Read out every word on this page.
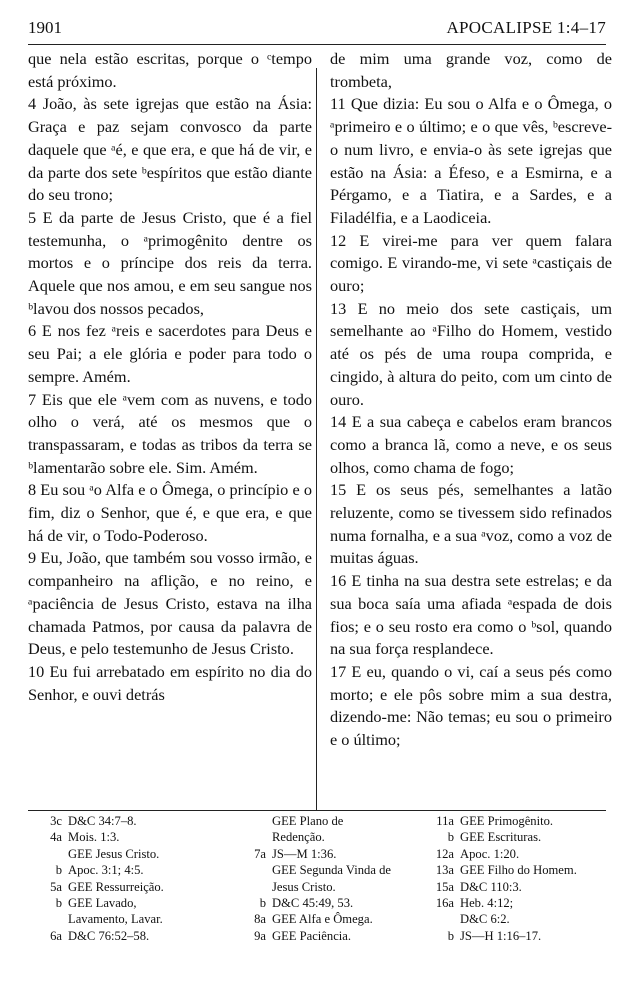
1901	APOCALIPSE 1:4–17

que nela estão escritas, porque o ᶜtempo está próximo.

4 João, às sete igrejas que estão na Ásia: Graça e paz sejam convosco da parte daquele que ᵃé, e que era, e que há de vir, e da parte dos sete ᵇespíritos que estão diante do seu trono;

5 E da parte de Jesus Cristo, que é a fiel testemunha, o ᵃprimogênito dentre os mortos e o príncipe dos reis da terra. Aquele que nos amou, e em seu sangue nos ᵇlavou dos nossos pecados,

6 E nos fez ᵃreis e sacerdotes para Deus e seu Pai; a ele glória e poder para todo o sempre. Amém.

7 Eis que ele ᵃvem com as nuvens, e todo olho o verá, até os mesmos que o transpassaram, e todas as tribos da terra se ᵇlamentarão sobre ele. Sim. Amém.

8 Eu sou ᵃo Alfa e o Ômega, o princípio e o fim, diz o Senhor, que é, e que era, e que há de vir, o Todo-Poderoso.

9 Eu, João, que também sou vosso irmão, e companheiro na aflição, e no reino, e ᵃpaciência de Jesus Cristo, estava na ilha chamada Patmos, por causa da palavra de Deus, e pelo testemunho de Jesus Cristo.

10 Eu fui arrebatado em espírito no dia do Senhor, e ouvi detrás

de mim uma grande voz, como de trombeta,

11 Que dizia: Eu sou o Alfa e o Ômega, o ᵃprimeiro e o último; e o que vês, ᵇescreve-o num livro, e envia-o às sete igrejas que estão na Ásia: a Éfeso, e a Esmirna, e a Pérgamo, e a Tiatira, e a Sardes, e a Filadélfia, e a Laodiceia.

12 E virei-me para ver quem falara comigo. E virando-me, vi sete ᵃcastiçais de ouro;

13 E no meio dos sete castiçais, um semelhante ao ᵃFilho do Homem, vestido até os pés de uma roupa comprida, e cingido, à altura do peito, com um cinto de ouro.

14 E a sua cabeça e cabelos eram brancos como a branca lã, como a neve, e os seus olhos, como chama de fogo;

15 E os seus pés, semelhantes a latão reluzente, como se tivessem sido refinados numa fornalha, e a sua ᵃvoz, como a voz de muitas águas.

16 E tinha na sua destra sete estrelas; e da sua boca saía uma afiada ᵃespada de dois fios; e o seu rosto era como o ᵇsol, quando na sua força resplandece.

17 E eu, quando o vi, caí a seus pés como morto; e ele pôs sobre mim a sua destra, dizendo-me: Não temas; eu sou o primeiro e o último;

3c D&C 34:7–8.
4a Mois. 1:3.
GEE Jesus Cristo.
b Apoc. 3:1; 4:5.
5a GEE Ressurreição.
b GEE Lavado,
Lavamento, Lavar.
6a D&C 76:52–58.
GEE Plano de
Redenção.
7a JS—M 1:36.
GEE Segunda Vinda de
Jesus Cristo.
b D&C 45:49, 53.
8a GEE Alfa e Ômega.
9a GEE Paciência.
11a GEE Primogênito.
b GEE Escrituras.
12a Apoc. 1:20.
13a GEE Filho do Homem.
15a D&C 110:3.
16a Heb. 4:12;
D&C 6:2.
b JS—H 1:16–17.
